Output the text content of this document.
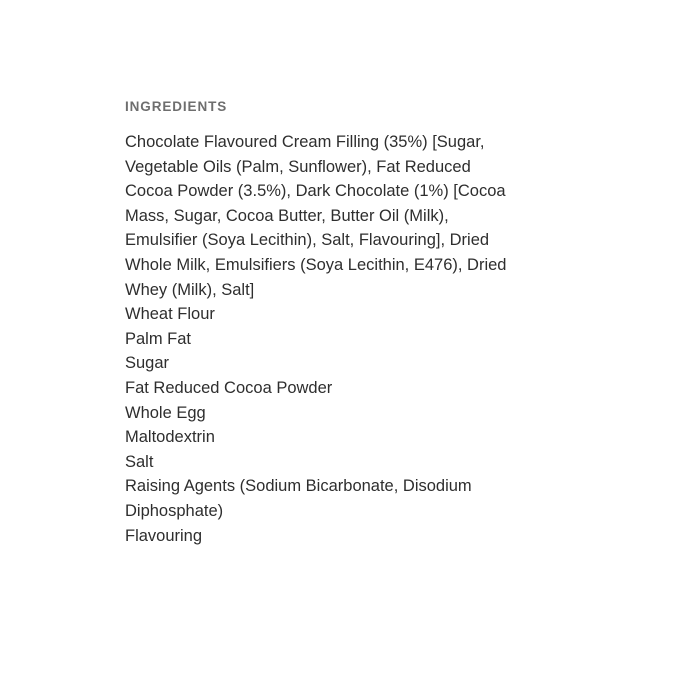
INGREDIENTS
Chocolate Flavoured Cream Filling (35%) [Sugar,
Vegetable Oils (Palm, Sunflower), Fat Reduced
Cocoa Powder (3.5%), Dark Chocolate (1%) [Cocoa
Mass, Sugar, Cocoa Butter, Butter Oil (Milk),
Emulsifier (Soya Lecithin), Salt, Flavouring], Dried
Whole Milk, Emulsifiers (Soya Lecithin, E476), Dried
Whey (Milk), Salt]
Wheat Flour
Palm Fat
Sugar
Fat Reduced Cocoa Powder
Whole Egg
Maltodextrin
Salt
Raising Agents (Sodium Bicarbonate, Disodium
Diphosphate)
Flavouring
